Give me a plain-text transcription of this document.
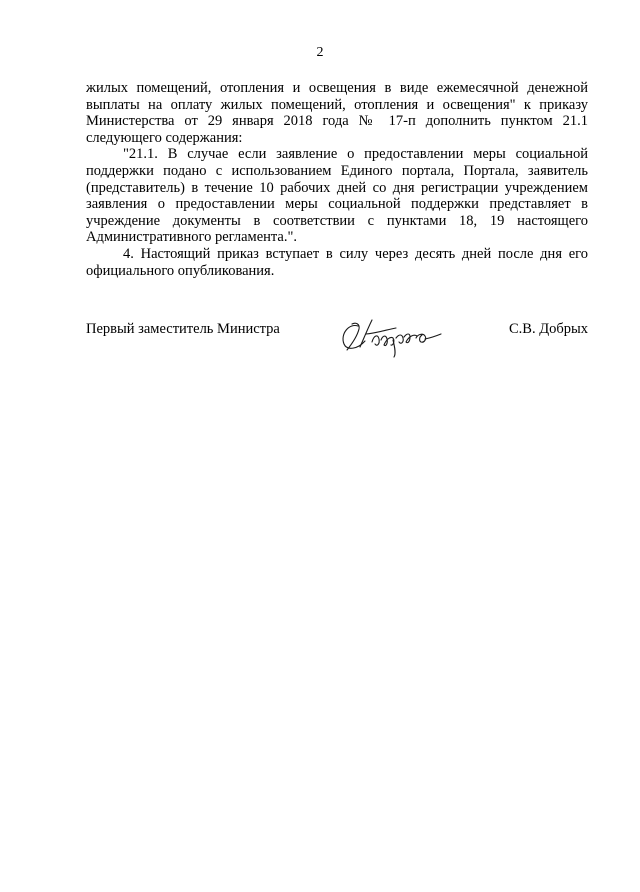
2

жилых помещений, отопления и освещения в виде ежемесячной денежной выплаты на оплату жилых помещений, отопления и освещения" к приказу Министерства от 29 января 2018 года № 17-п дополнить пунктом 21.1 следующего содержания:

"21.1. В случае если заявление о предоставлении меры социальной поддержки подано с использованием Единого портала, Портала, заявитель (представитель) в течение 10 рабочих дней со дня регистрации учреждением заявления о предоставлении меры социальной поддержки представляет в учреждение документы в соответствии с пунктами 18, 19 настоящего Административного регламента.".

4. Настоящий приказ вступает в силу через десять дней после дня его официального опубликования.

Первый заместитель Министра	С.В. Добрых
